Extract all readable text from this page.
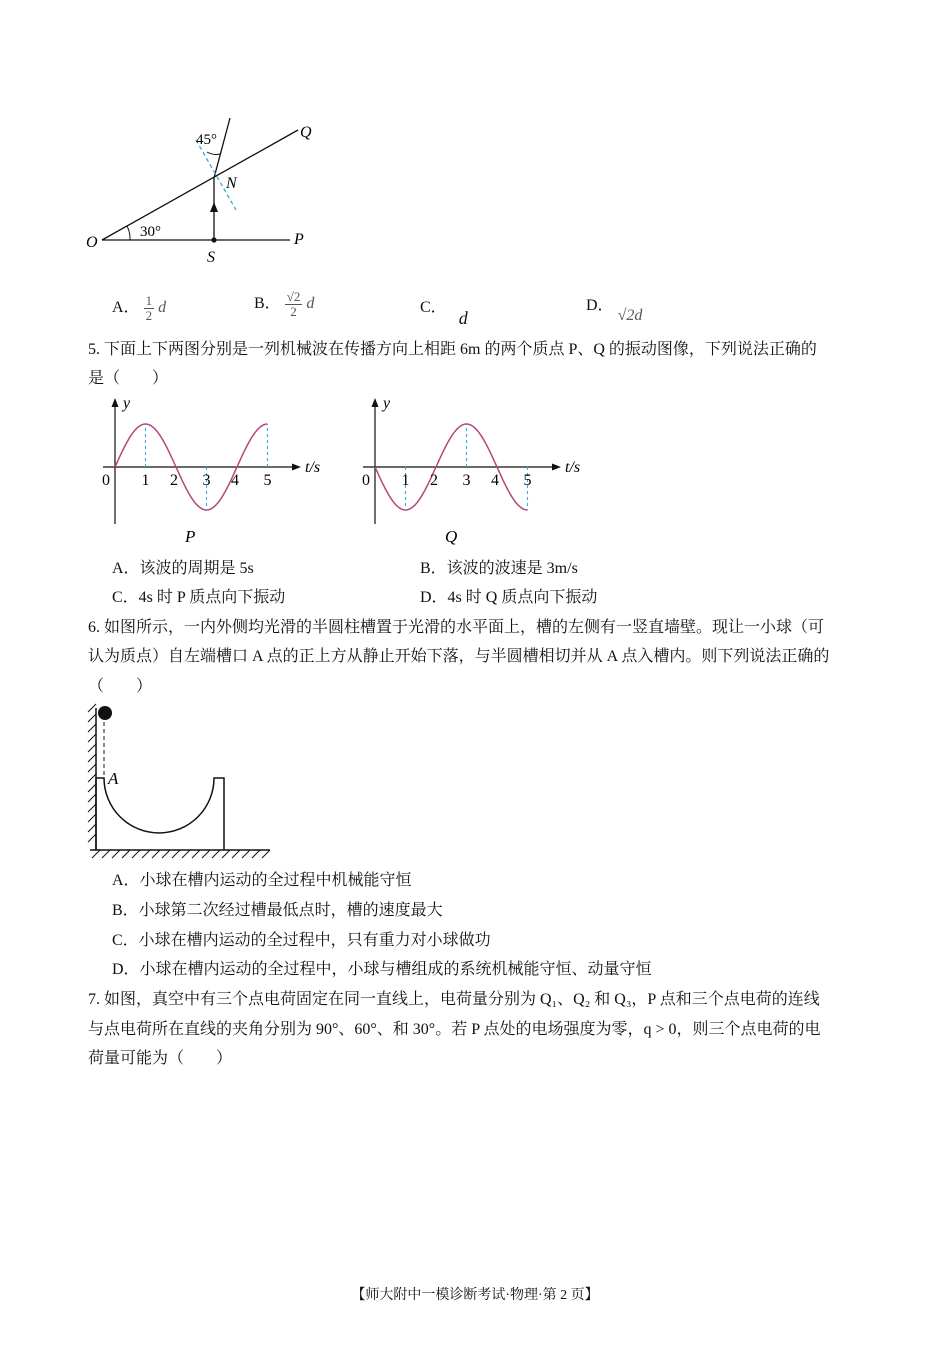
45°
30°
O	P
Q
N
S
A． $\frac{1}{2}$ d	B． $\frac{√2}{2}$ d	C． d
D． √2d
5. 下面上下两图分别是一列机械波在传播方向上相距 6m 的两个质点 P、Q 的振动图像，下列说法正确的
是（　　）
y
t/s
0 1 2 3 4 5
P
y
t/s
0 1 2 3 4 5
Q
A．该波的周期是 5s	B．该波的波速是 3m/s
C．4s 时 P 质点向下振动	D．4s 时 Q 质点向下振动
6. 如图所示，一内外侧均光滑的半圆柱槽置于光滑的水平面上，槽的左侧有一竖直墙壁。现让一小球（可
认为质点）自左端槽口 A 点的正上方从静止开始下落，与半圆槽相切并从 A 点入槽内。则下列说法正确的
（　　）
A
A．小球在槽内运动的全过程中机械能守恒
B．小球第二次经过槽最低点时，槽的速度最大
C．小球在槽内运动的全过程中，只有重力对小球做功
D．小球在槽内运动的全过程中，小球与槽组成的系统机械能守恒、动量守恒
7. 如图，真空中有三个点电荷固定在同一直线上，电荷量分别为 Q₁、Q₂ 和 Q₃，P 点和三个点电荷的连线
与点电荷所在直线的夹角分别为 90°、60°、和 30°。若 P 点处的电场强度为零，q > 0，则三个点电荷的电
荷量可能为（　　）
【师大附中一模诊断考试·物理·第 2 页】
